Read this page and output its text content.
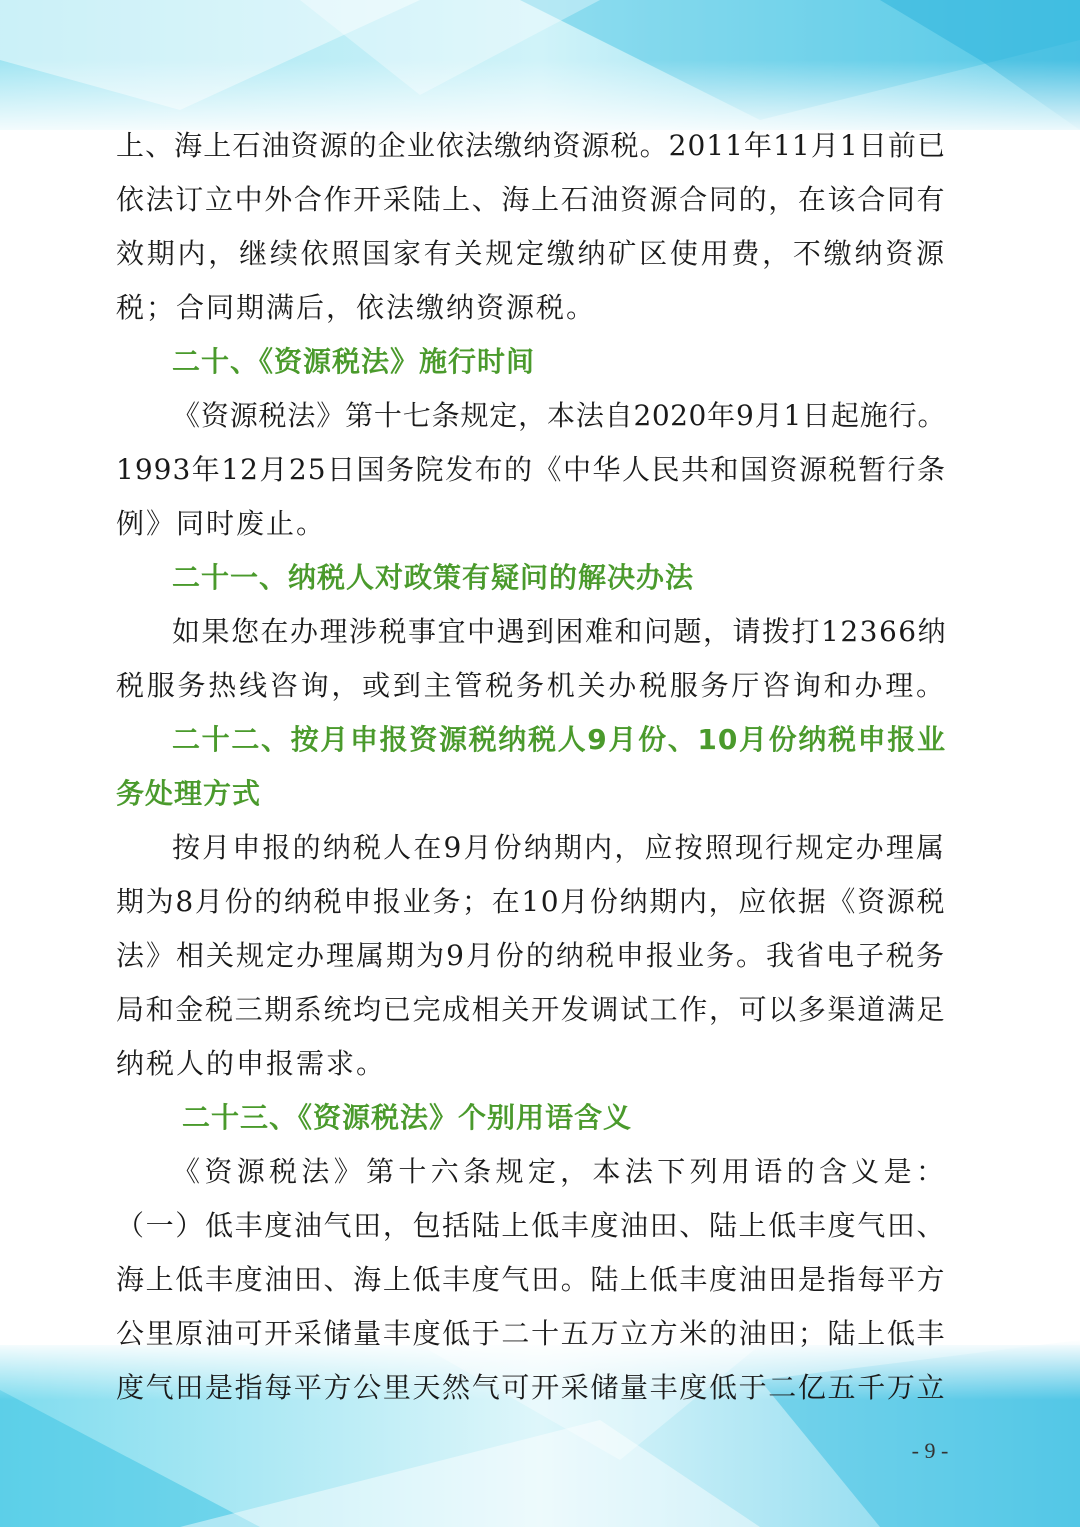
上、海上石油资源的企业依法缴纳资源税。2011年11月1日前已
依法订立中外合作开采陆上、海上石油资源合同的，在该合同有
效期内，继续依照国家有关规定缴纳矿区使用费，不缴纳资源
税；合同期满后，依法缴纳资源税。
二十、《资源税法》施行时间
《资源税法》第十七条规定，本法自2020年9月1日起施行。
1993年12月25日国务院发布的《中华人民共和国资源税暂行条
例》同时废止。
二十一、纳税人对政策有疑问的解决办法
如果您在办理涉税事宜中遇到困难和问题，请拨打12366纳
税服务热线咨询，或到主管税务机关办税服务厅咨询和办理。
二十二、按月申报资源税纳税人9月份、10月份纳税申报业
务处理方式
按月申报的纳税人在9月份纳期内，应按照现行规定办理属
期为8月份的纳税申报业务；在10月份纳期内，应依据《资源税
法》相关规定办理属期为9月份的纳税申报业务。我省电子税务
局和金税三期系统均已完成相关开发调试工作，可以多渠道满足
纳税人的申报需求。
二十三、《资源税法》个别用语含义
《资源税法》第十六条规定，本法下列用语的含义是：
（一）低丰度油气田，包括陆上低丰度油田、陆上低丰度气田、
海上低丰度油田、海上低丰度气田。陆上低丰度油田是指每平方
公里原油可开采储量丰度低于二十五万立方米的油田；陆上低丰
度气田是指每平方公里天然气可开采储量丰度低于二亿五千万立
- 9 -
